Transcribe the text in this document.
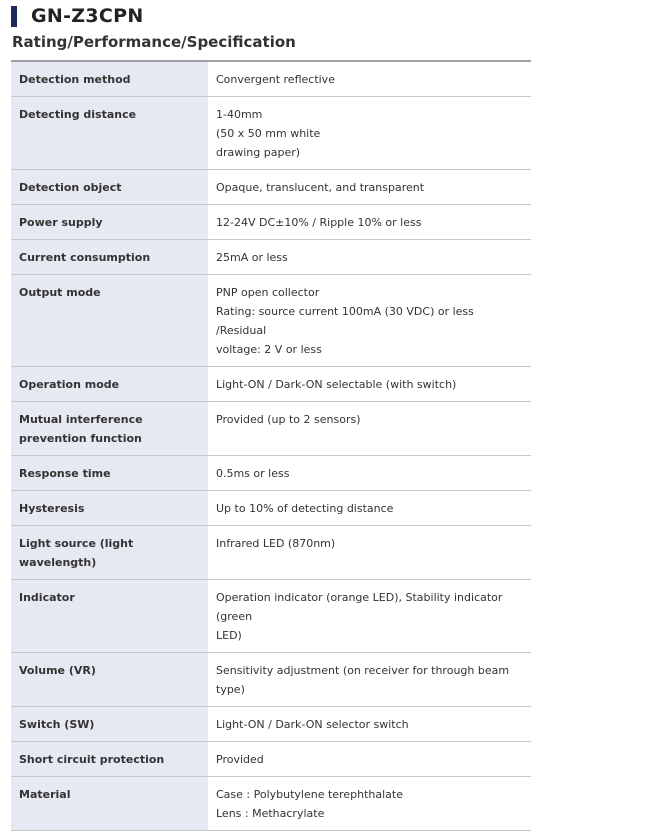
GN-Z3CPN
Rating/Performance/Specification
Detection method	Convergent reflective

Detecting distance	1-40mm
(50 x 50 mm white
drawing paper)

Detection object	Opaque, translucent, and transparent

Power supply	12-24V DC±10% / Ripple 10% or less

Current consumption	25mA or less

Output mode	PNP open collector
Rating: source current 100mA (30 VDC) or less /Residual
voltage: 2 V or less

Operation mode	Light-ON / Dark-ON selectable (with switch)

Mutual interference prevention function	Provided (up to 2 sensors)

Response time	0.5ms or less

Hysteresis	Up to 10% of detecting distance

Light source (light wavelength)	Infrared LED (870nm)

Indicator	Operation indicator (orange LED), Stability indicator (green
LED)

Volume (VR)	Sensitivity adjustment (on receiver for through beam type)

Switch (SW)	Light-ON / Dark-ON selector switch

Short circuit protection	Provided

Material	Case : Polybutylene terephthalate
Lens : Methacrylate
